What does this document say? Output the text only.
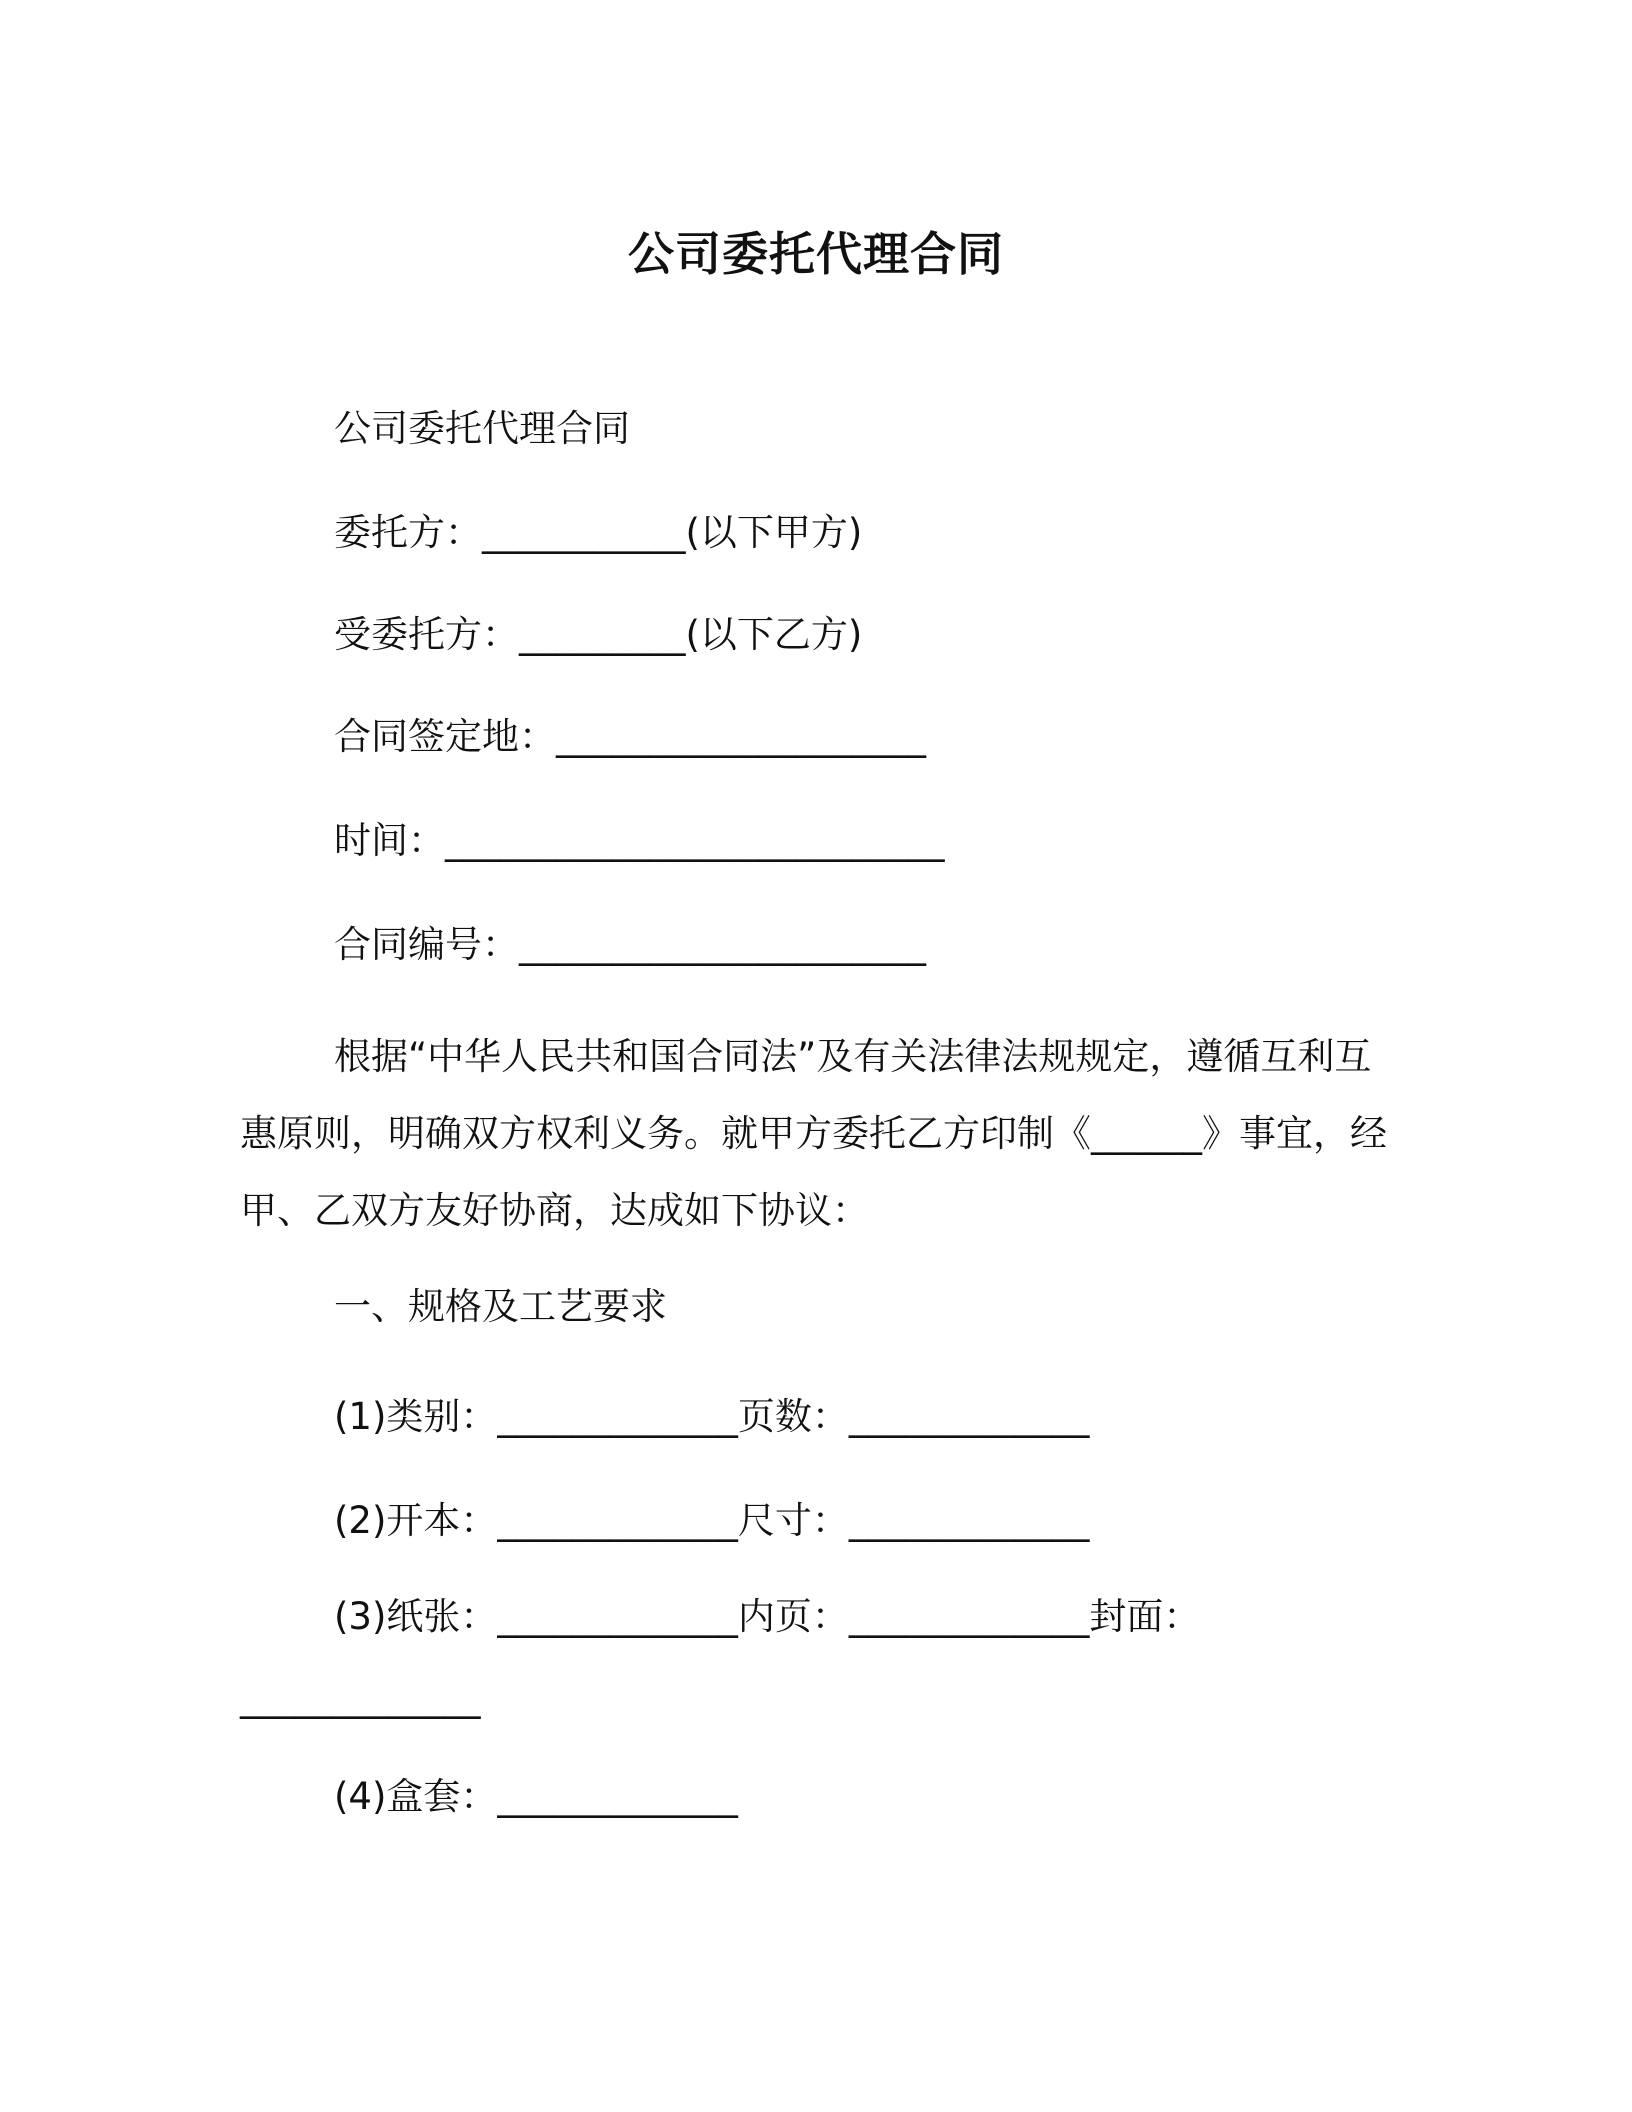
公司委托代理合同
公司委托代理合同
委托方：___________(以下甲方)
受委托方：_________(以下乙方)
合同签定地：____________________
时间：___________________________
合同编号：______________________

根据“中华人民共和国合同法”及有关法律法规规定，遵循互利互惠原则，明确双方权利义务。就甲方委托乙方印制《______》事宜，经甲、乙双方友好协商，达成如下协议：

一、规格及工艺要求
(1)类别：_____________页数：_____________
(2)开本：_____________尺寸：_____________
(3)纸张：_____________内页：_____________封面：
_____________
(4)盒套：_____________
